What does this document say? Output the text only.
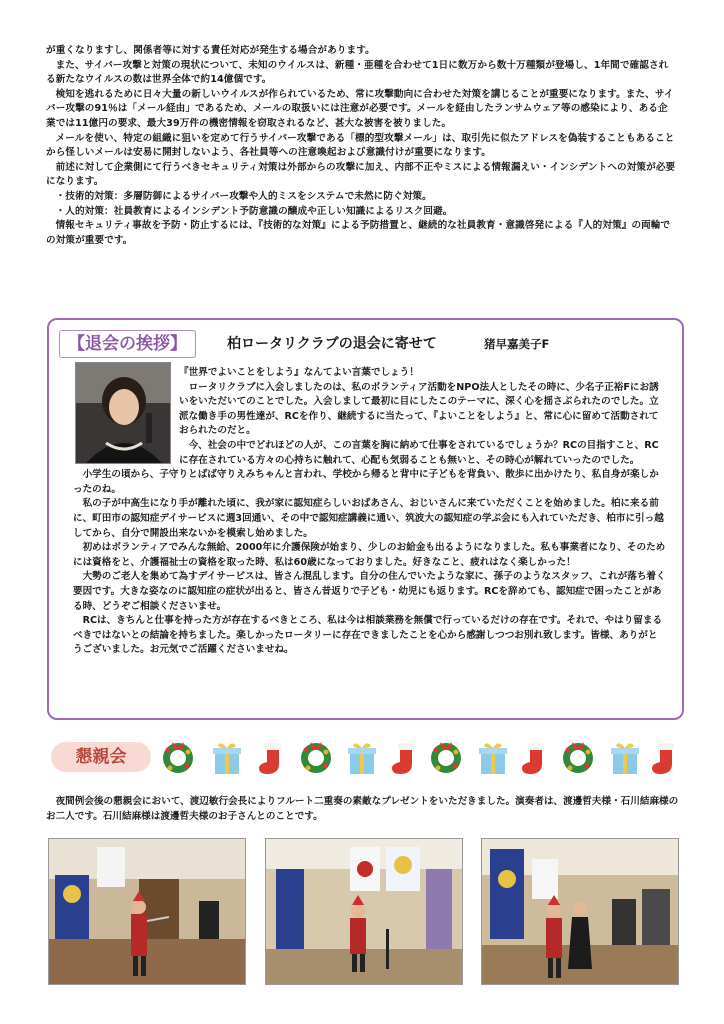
が重くなりますし、関係者等に対する責任対応が発生する場合があります。

また、サイバー攻撃と対策の現状について、未知のウイルスは、新種・亜種を合わせて1日に数万から数十万種類が登場し、1年間で確認される新たなウイルスの数は世界全体で約14億個です。

検知を逃れるために日々大量の新しいウイルスが作られているため、常に攻撃動向に合わせた対策を講じることが重要になります。また、サイバー攻撃の91％は「メール経由」であるため、メールの取扱いには注意が必要です。メールを経由したランサムウェア等の感染により、ある企業では11億円の要求、最大39万件の機密情報を窃取されるなど、甚大な被害を被りました。

メールを使い、特定の組織に狙いを定めて行うサイバー攻撃である「標的型攻撃メール」は、取引先に似たアドレスを偽装することもあることから怪しいメールは安易に開封しないよう、各社員等への注意喚起および意識付けが重要になります。

前述に対して企業側にて行うべきセキュリティ対策は外部からの攻撃に加え、内部不正やミスによる情報漏えい・インシデントへの対策が必要になります。

・技術的対策：多層防御によるサイバー攻撃や人的ミスをシステムで未然に防ぐ対策。

・人的対策：社員教育によるインシデント予防意識の醸成や正しい知識によるリスク回避。

情報セキュリティ事故を予防・防止するには、『技術的な対策』による予防措置と、継続的な社員教育・意識啓発による『人的対策』の両輪での対策が重要です。

【退会の挨拶】	柏ロータリクラブの退会に寄せて	猪早嘉美子F

『世界でよいことをしよう』なんてよい言葉でしょう！

ロータリクラブに入会しましたのは、私のボランティア活動をNPO法人としたその時に、少名子正裕Fにお誘いをいただいてのことでした。入会しまして最初に目にしたこのテーマに、深く心を揺さぶられたのでした。立派な働き手の男性達が、RCを作り、継続するに当たって、『よいことをしよう』と、常に心に留めて活動されておられたのだと。

今、社会の中でどれほどの人が、この言葉を胸に納めて仕事をされているでしょうか？RCの目指すこと、RCに存在されている方々の心持ちに触れて、心配も気弱ることも無いと、その時心が解れていったのでした。

小学生の頃から、子守りとばば守りえみちゃんと言われ、学校から帰ると背中に子どもを背負い、散歩に出かけたり、私自身が楽しかったのね。

私の子が中高生になり手が離れた頃に、我が家に認知症らしいおばあさん、おじいさんに来ていただくことを始めました。柏に来る前に、町田市の認知症デイサービスに週3回通い、その中で認知症講義に通い、筑波大の認知症の学ぶ会にも入れていただき、柏市に引っ越してから、自分で開設出来ないかを模索し始めました。

初めはボランティアでみんな無給、2000年に介護保険が始まり、少しのお給金も出るようになりました。私も事業者になり、そのためには資格をと、介護福祉士の資格を取った時、私は60歳になっておりました。好きなこと、疲れはなく楽しかった！

大勢のご老人を集めて為すデイサービスは、皆さん混乱します。自分の住んでいたような家に、孫子のようなスタッフ、これが落ち着く要因です。大きな姿なのに認知症の症状が出ると、皆さん昔返りで子ども・幼児にも返ります。RCを辞めても、認知症で困ったことがある時、どうぞご相談くださいませ。

RCは、きちんと仕事を持った方が存在するべきところ、私は今は相談業務を無償で行っているだけの存在です。それで、やはり留まるべきではないとの結論を持ちました。楽しかったロータリーに存在できましたことを心から感謝しつつお別れ致します。皆様、ありがとうございました。お元気でご活躍くださいませね。

懇親会

夜間例会後の懇親会において、渡辺敏行会長によりフルート二重奏の素敵なプレゼントをいただきました。演奏者は、渡邊哲夫様・石川結麻様のお二人です。石川結麻様は渡邊哲夫様のお子さんとのことです。
